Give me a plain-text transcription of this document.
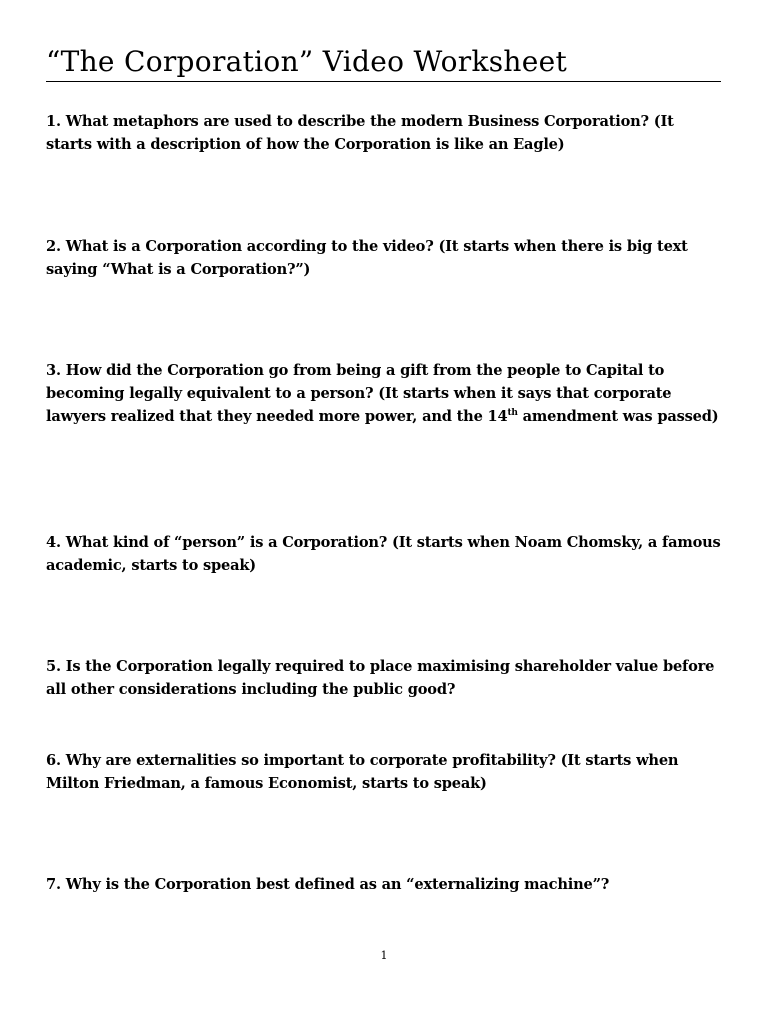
“The Corporation” Video Worksheet
1. What metaphors are used to describe the modern Business Corporation? (It starts with a description of how the Corporation is like an Eagle)
2. What is a Corporation according to the video? (It starts when there is big text saying “What is a Corporation?”)
3. How did the Corporation go from being a gift from the people to Capital to becoming legally equivalent to a person? (It starts when it says that corporate lawyers realized that they needed more power, and the 14th amendment was passed)
4. What kind of “person” is a Corporation? (It starts when Noam Chomsky, a famous academic, starts to speak)
5. Is the Corporation legally required to place maximising shareholder value before all other considerations including the public good?
6. Why are externalities so important to corporate profitability? (It starts when Milton Friedman, a famous Economist, starts to speak)
7. Why is the Corporation best defined as an “externalizing machine”?
1
